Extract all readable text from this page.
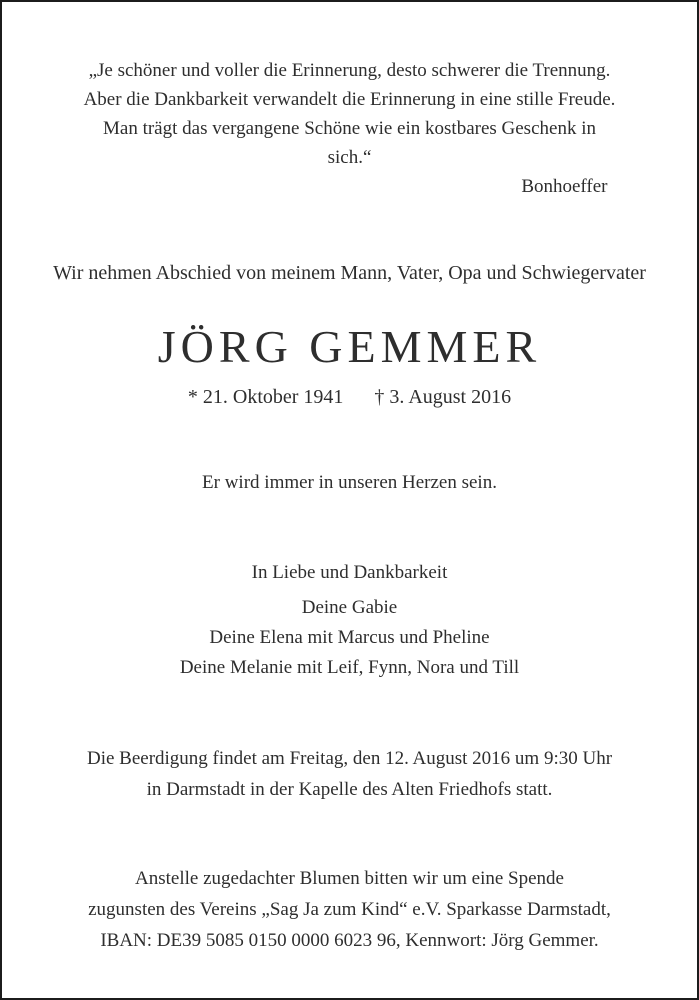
„Je schöner und voller die Erinnerung, desto schwerer die Trennung.
Aber die Dankbarkeit verwandelt die Erinnerung in eine stille Freude.
Man trägt das vergangene Schöne wie ein kostbares Geschenk in sich.“
Bonhoeffer
Wir nehmen Abschied von meinem Mann, Vater, Opa und Schwiegervater
JÖRG GEMMER
* 21. Oktober 1941 † 3. August 2016
Er wird immer in unseren Herzen sein.
In Liebe und Dankbarkeit
Deine Gabie
Deine Elena mit Marcus und Pheline
Deine Melanie mit Leif, Fynn, Nora und Till
Die Beerdigung findet am Freitag, den 12. August 2016 um 9:30 Uhr
in Darmstadt in der Kapelle des Alten Friedhofs statt.
Anstelle zugedachter Blumen bitten wir um eine Spende
zugunsten des Vereins „Sag Ja zum Kind“ e.V. Sparkasse Darmstadt,
IBAN: DE39 5085 0150 0000 6023 96, Kennwort: Jörg Gemmer.
